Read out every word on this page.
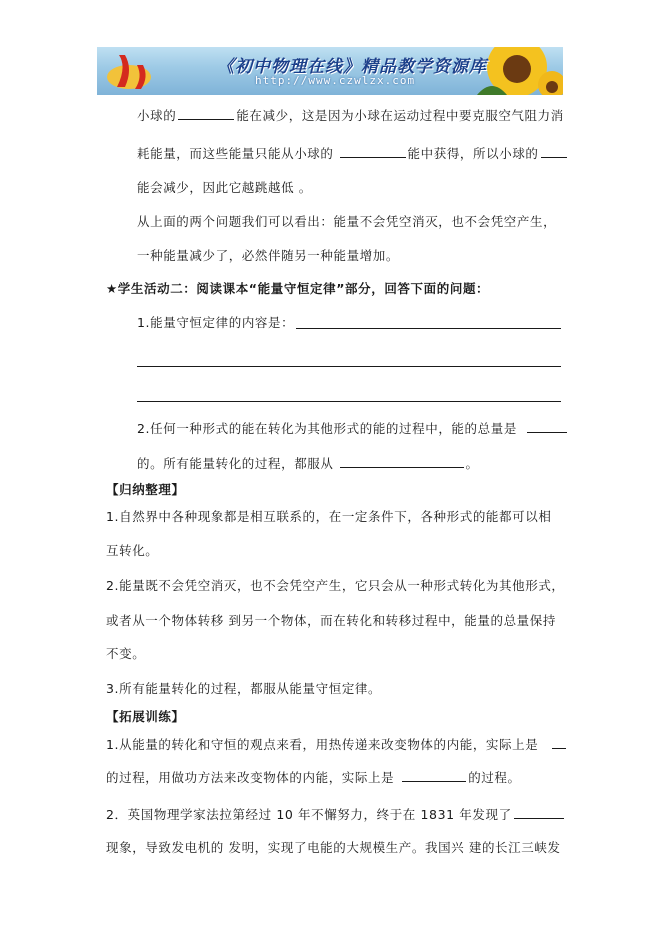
《初中物理在线》精品教学资源库
http://www.czwlzx.com
小球的	能在减少，这是因为小球在运动过程中要克服空气阻力消
耗能量，而这些能量只能从小球的	能中获得，所以小球的
能会减少，因此它越跳越低 。
从上面的两个问题我们可以看出：能量不会凭空消灭，也不会凭空产生，
一种能量减少了，必然伴随另一种能量增加。
★学生活动二：阅读课本“能量守恒定律”部分，回答下面的问题：
1.能量守恒定律的内容是：
2.任何一种形式的能在转化为其他形式的能的过程中，能的总量是
的。所有能量转化的过程，都服从	。
【归纳整理】
1.自然界中各种现象都是相互联系的，在一定条件下，各种形式的能都可以相
互转化。
2.能量既不会凭空消灭，也不会凭空产生，它只会从一种形式转化为其他形式，
或者从一个物体转移 到另一个物体，而在转化和转移过程中，能量的总量保持
不变。
3.所有能量转化的过程，都服从能量守恒定律。
【拓展训练】
1.从能量的转化和守恒的观点来看，用热传递来改变物体的内能，实际上是
的过程，用做功方法来改变物体的内能，实际上是	的过程。
2．英国物理学家法拉第经过 10 年不懈努力，终于在 1831 年发现了
现象，导致发电机的 发明，实现了电能的大规模生产。我国兴 建的长江三峡发
